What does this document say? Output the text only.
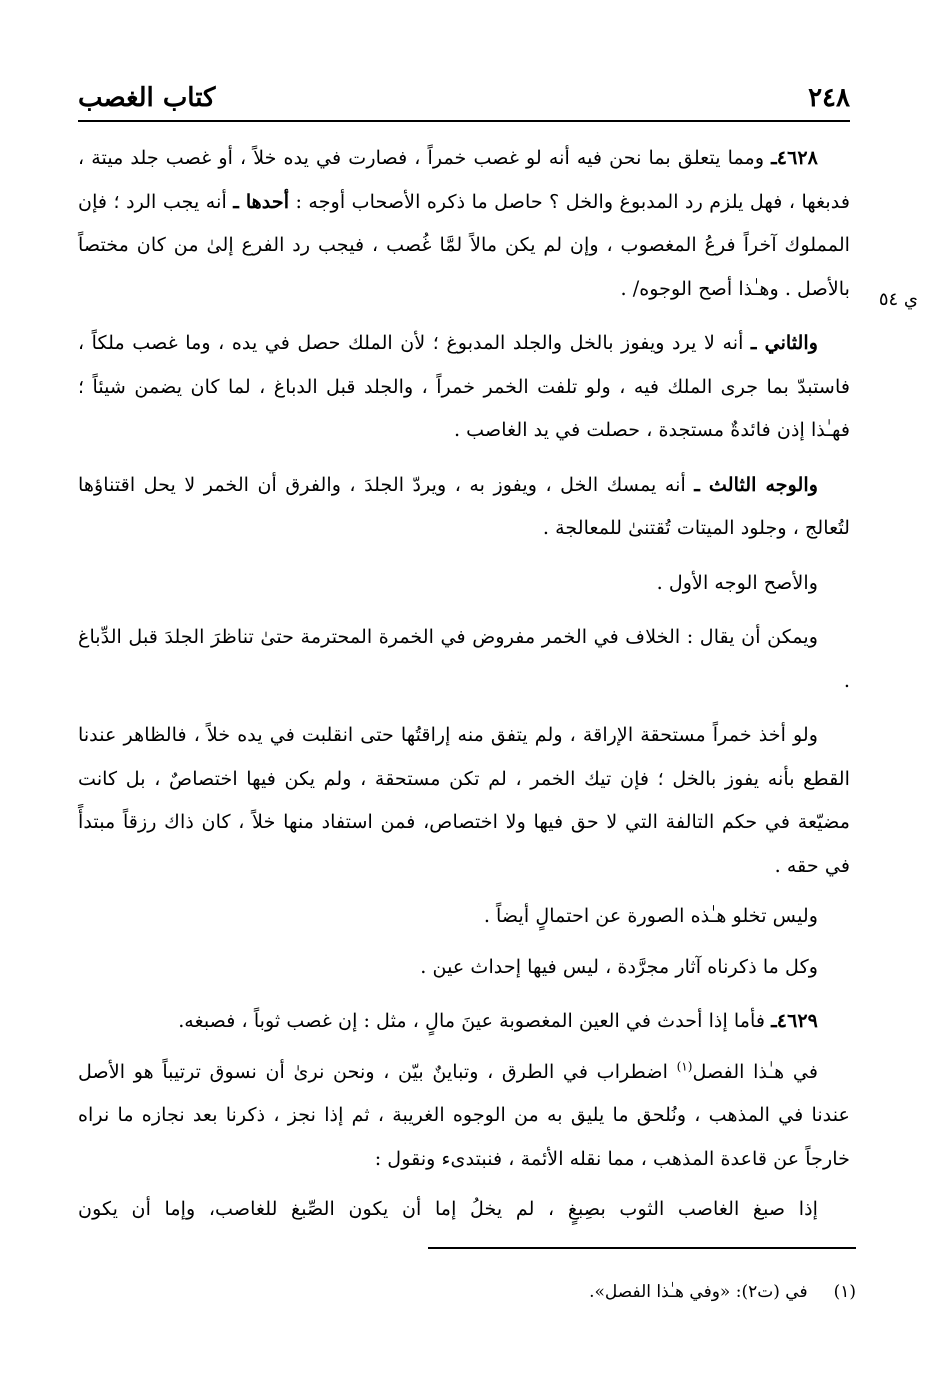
٢٤٨
كتاب الغصب
ي ٥٤

٤٦٢٨ـ ومما يتعلق بما نحن فيه أنه لو غصب خمراً ، فصارت في يده خلاً ، أو غصب جلد ميتة ، فدبغها ، فهل يلزم رد المدبوغ والخل ؟ حاصل ما ذكره الأصحاب أوجه : أحدها ـ أنه يجب الرد ؛ فإن المملوك آخراً فرعُ المغصوب ، وإن لم يكن مالاً لمَّا غُصب ، فيجب رد الفرع إلىٰ من كان مختصاً بالأصل . وهـٰذا أصح الوجوه/ .

والثاني ـ أنه لا يرد ويفوز بالخل والجلد المدبوغ ؛ لأن الملك حصل في يده ، وما غصب ملكاً ، فاستبدّ بما جرى الملك فيه ، ولو تلفت الخمر خمراً ، والجلد قبل الدباغ ، لما كان يضمن شيئاً ؛ فهـٰذا إذن فائدةٌ مستجدة ، حصلت في يد الغاصب .

والوجه الثالث ـ أنه يمسك الخل ، ويفوز به ، ويردّ الجلدَ ، والفرق أن الخمر لا يحل اقتناؤها لتُعالج ، وجلود الميتات تُقتنىٰ للمعالجة .

والأصح الوجه الأول .

ويمكن أن يقال : الخلاف في الخمر مفروض في الخمرة المحترمة حتىٰ تناظرَ الجلدَ قبل الدِّباغ .

ولو أخذ خمراً مستحقة الإراقة ، ولم يتفق منه إراقتُها حتى انقلبت في يده خلاً ، فالظاهر عندنا القطع بأنه يفوز بالخل ؛ فإن تيك الخمر ، لم تكن مستحقة ، ولم يكن فيها اختصاصٌ ، بل كانت مضيّعة في حكم التالفة التي لا حق فيها ولا اختصاص، فمن استفاد منها خلاً ، كان ذاك رزقاً مبتدأً في حقه .

وليس تخلو هـٰذه الصورة عن احتمالٍ أيضاً .

وكل ما ذكرناه آثار مجرَّدة ، ليس فيها إحداث عين .

٤٦٢٩ـ فأما إذا أحدث في العين المغصوبة عينَ مالٍ ، مثل : إن غصب ثوباً ، فصبغه.

في هـٰذا الفصل$^{(١)}$ اضطراب في الطرق ، وتباينٌ بيّن ، ونحن نرىٰ أن نسوق ترتيباً هو الأصل عندنا في المذهب ، ونُلحق ما يليق به من الوجوه الغريبة ، ثم إذا نجز ، ذكرنا بعد نجازه ما نراه خارجاً عن قاعدة المذهب ، مما نقله الأئمة ، فنبتدىء ونقول :

إذا صبغ الغاصب الثوب بصِبغٍ ، لم يخلُ إما أن يكون الصِّبغ للغاصب، وإما أن يكون

(١)في (ت٢): «وفي هـٰذا الفصل».
